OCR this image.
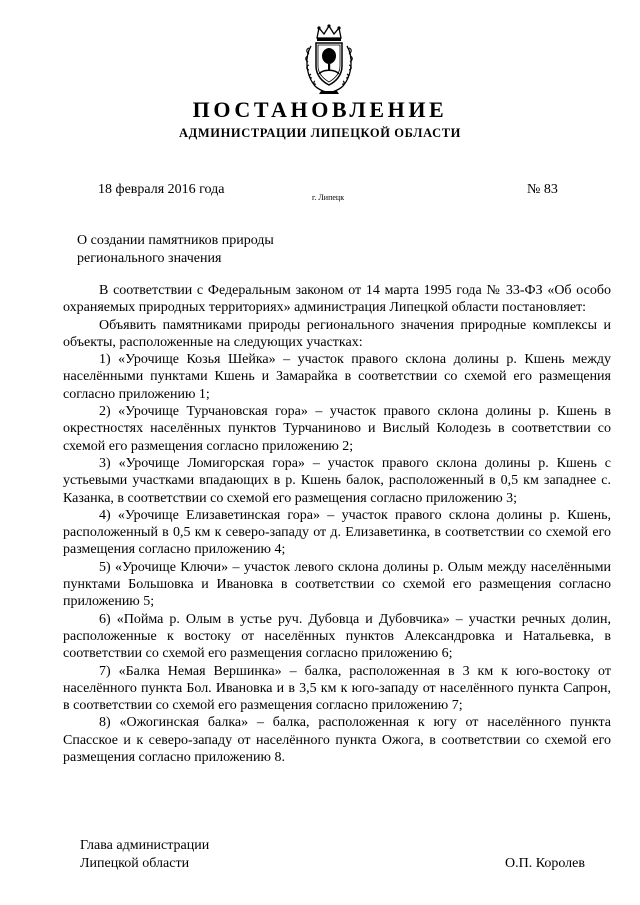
ПОСТАНОВЛЕНИЕ
АДМИНИСТРАЦИИ ЛИПЕЦКОЙ ОБЛАСТИ
18 февраля 2016 года
г. Липецк
№ 83
О создании памятников природы
регионального значения

В соответствии с Федеральным законом от 14 марта 1995 года № 33-ФЗ «Об особо охраняемых природных территориях» администрация Липецкой области постановляет:

Объявить памятниками природы регионального значения природные комплексы и объекты, расположенные на следующих участках:

1) «Урочище Козья Шейка» – участок правого склона долины р. Кшень между населёнными пунктами Кшень и Замарайка в соответствии со схемой его размещения согласно приложению 1;

2) «Урочище Турчановская гора» – участок правого склона долины р. Кшень в окрестностях населённых пунктов Турчаниново и Вислый Колодезь в соответствии со схемой его размещения согласно приложению 2;

3) «Урочище Ломигорская гора» – участок правого склона долины р. Кшень с устьевыми участками впадающих в р. Кшень балок, расположенный в 0,5 км западнее с. Казанка, в соответствии со схемой его размещения согласно приложению 3;

4) «Урочище Елизаветинская гора» – участок правого склона долины р. Кшень, расположенный в 0,5 км к северо-западу от д. Елизаветинка, в соответствии со схемой его размещения согласно приложению 4;

5) «Урочище Ключи» – участок левого склона долины р. Олым между населёнными пунктами Большовка и Ивановка в соответствии со схемой его размещения согласно приложению 5;

6) «Пойма р. Олым в устье руч. Дубовца и Дубовчика» – участки речных долин, расположенные к востоку от населённых пунктов Александровка и Натальевка, в соответствии со схемой его размещения согласно приложению 6;

7) «Балка Немая Вершинка» – балка, расположенная в 3 км к юго-востоку от населённого пункта Бол. Ивановка и в 3,5 км к юго-западу от населённого пункта Сапрон, в соответствии со схемой его размещения согласно приложению 7;

8) «Ожогинская балка» – балка, расположенная к югу от населённого пункта Спасское и к северо-западу от населённого пункта Ожога, в соответствии со схемой его размещения согласно приложению 8.

Глава администрации
Липецкой области	О.П. Королев
